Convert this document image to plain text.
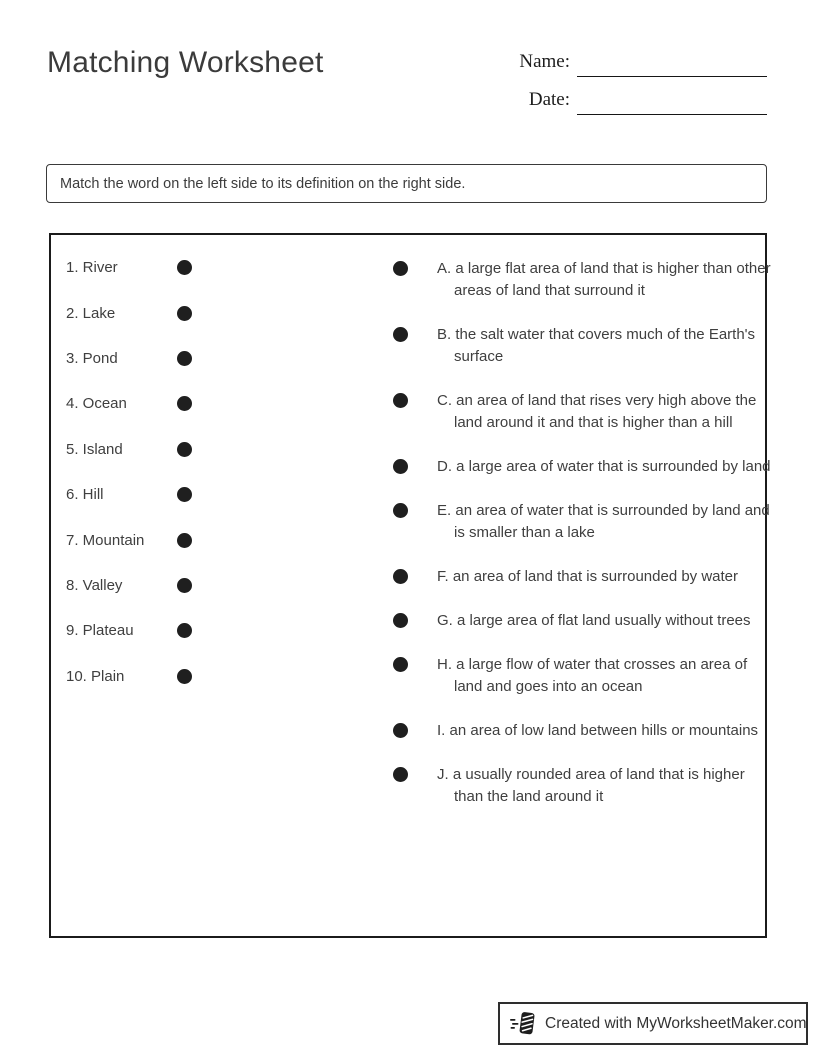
Matching Worksheet	Name:
Date:
Match the word on the left side to its definition on the right side.
1. River
2. Lake
3. Pond
4. Ocean
5. Island
6. Hill
7. Mountain
8. Valley
9. Plateau
10. Plain

A. a large flat area of land that is higher than other areas of land that surround it

B. the salt water that covers much of the Earth's surface

C. an area of land that rises very high above the land around it and that is higher than a hill

D. a large area of water that is surrounded by land

E. an area of water that is surrounded by land and is smaller than a lake

F. an area of land that is surrounded by water

G. a large area of flat land usually without trees

H. a large flow of water that crosses an area of land and goes into an ocean

I. an area of low land between hills or mountains

J. a usually rounded area of land that is higher than the land around it

Created with MyWorksheetMaker.com
